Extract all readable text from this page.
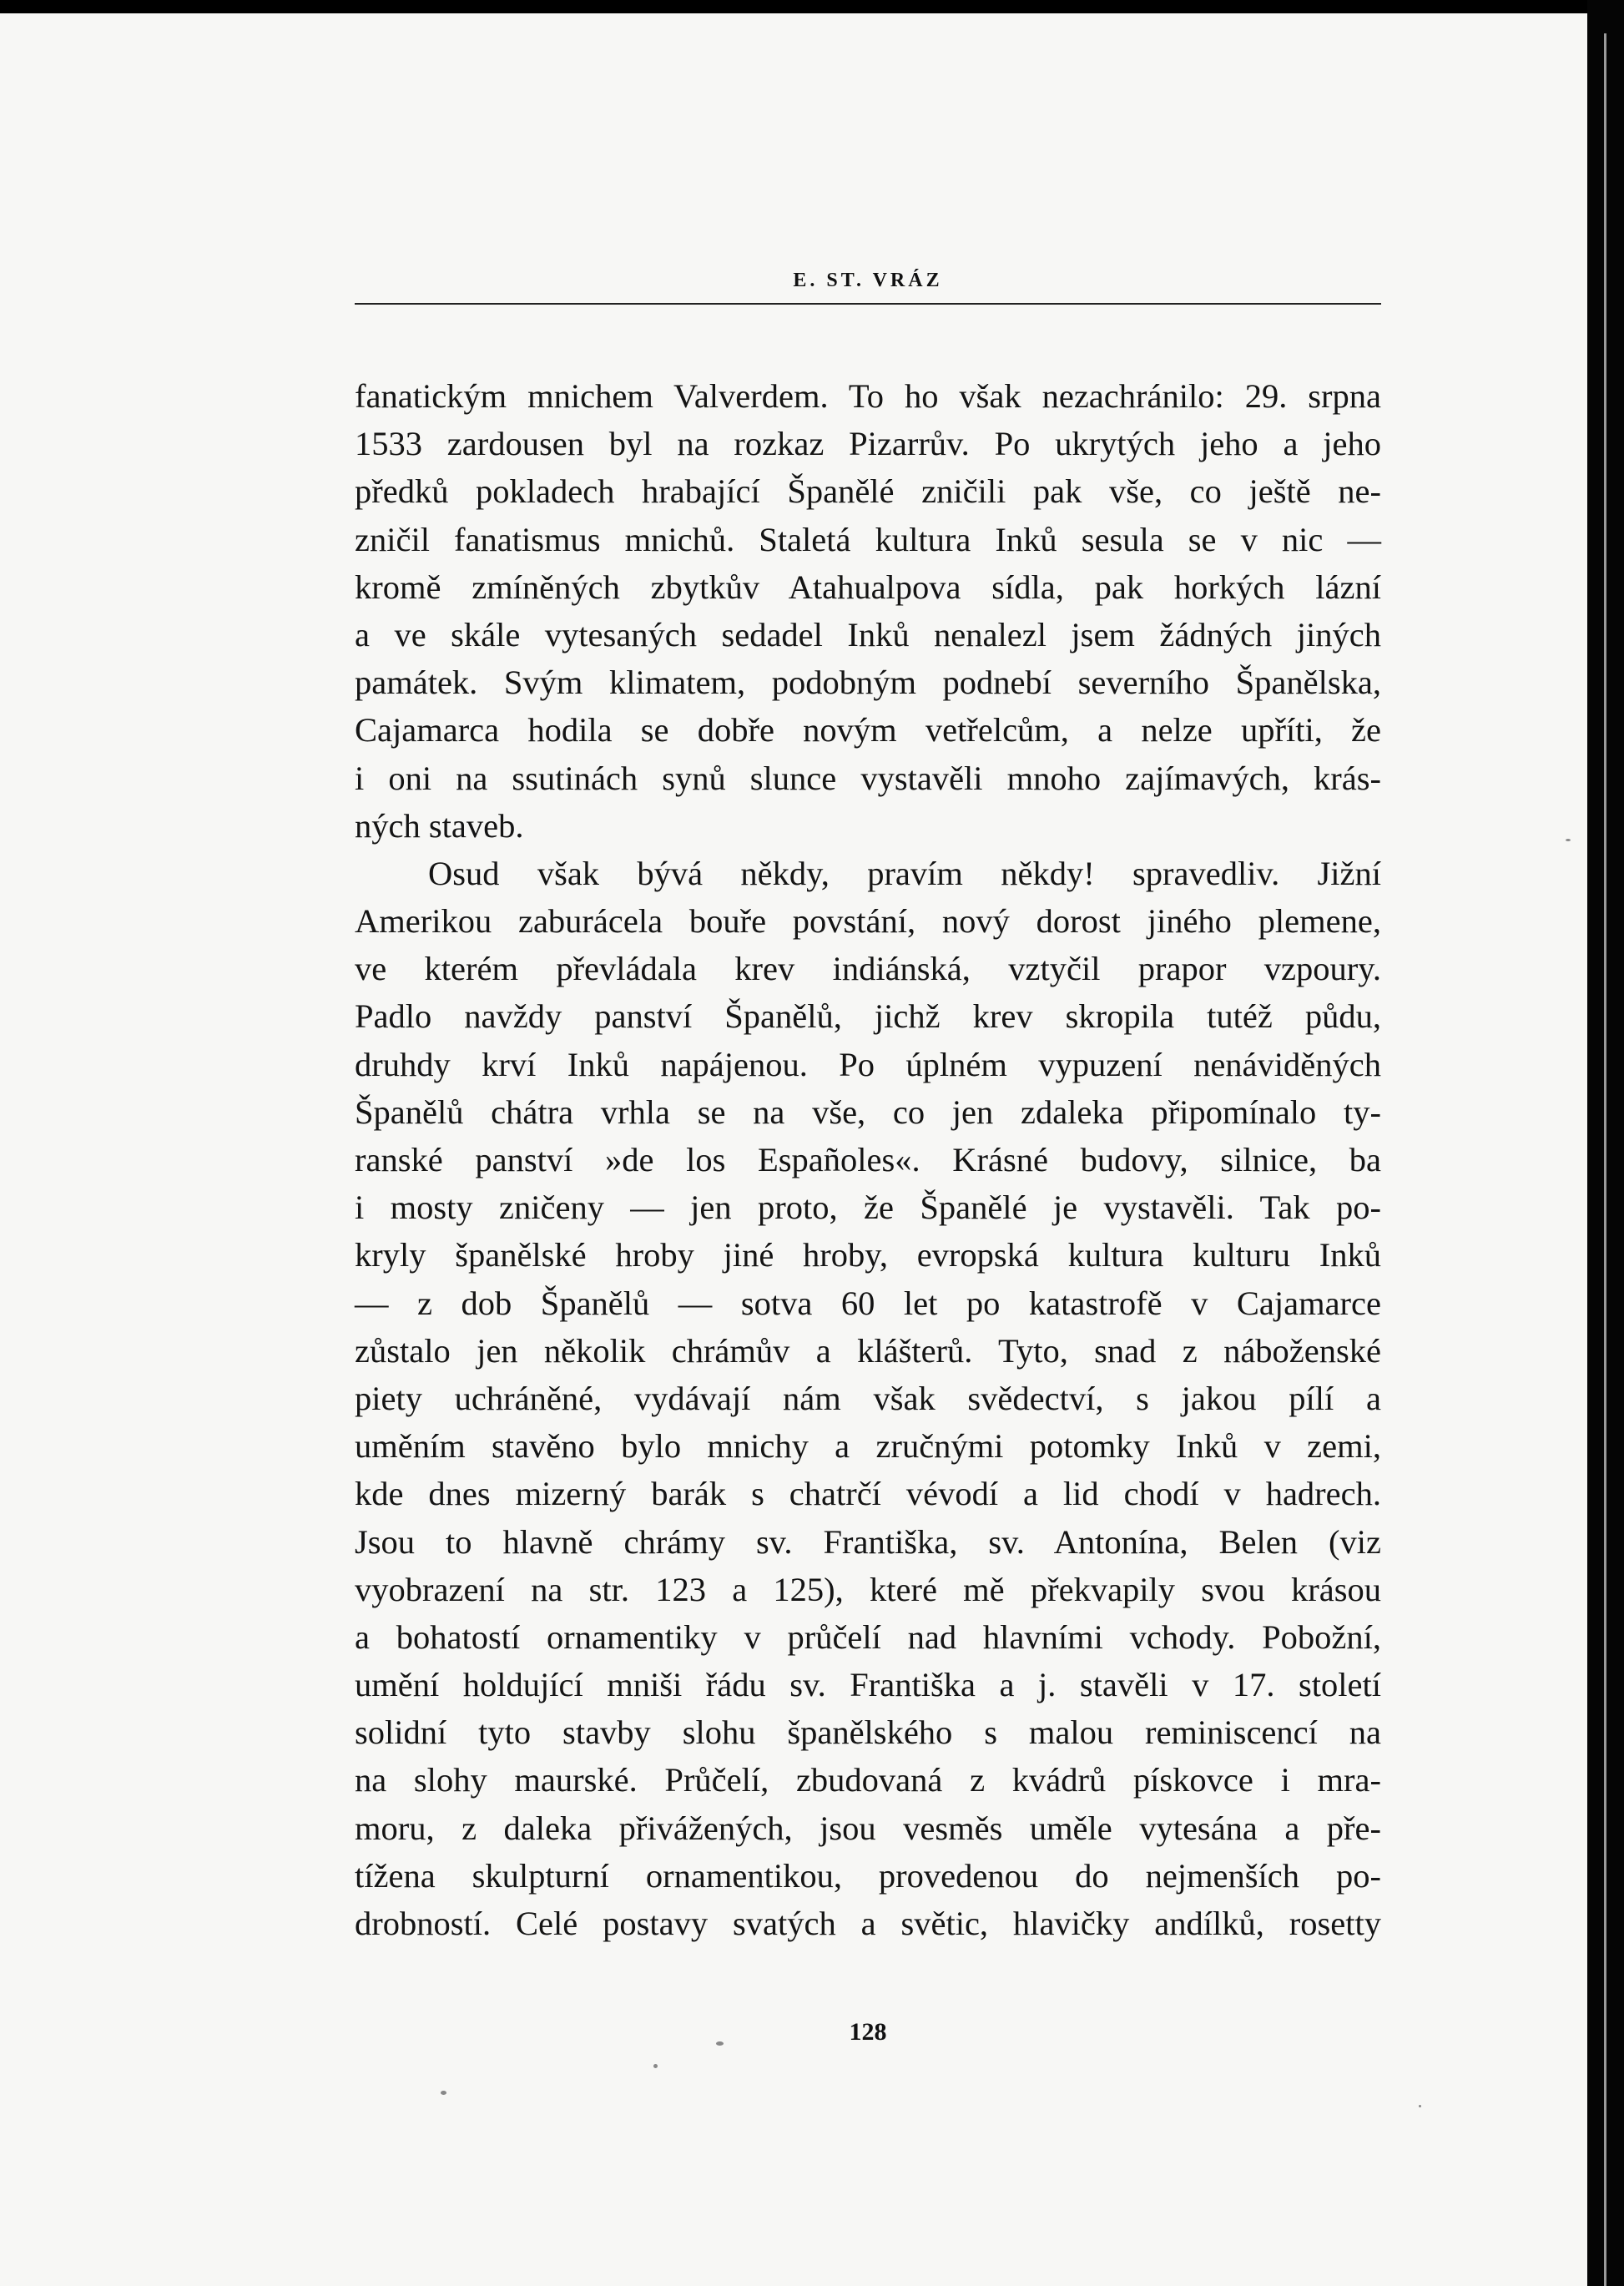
E. ST. VRÁZ
fanatickým mnichem Valverdem. To ho však nezachránilo: 29. srpna
1533 zardousen byl na rozkaz Pizarrův. Po ukrytých jeho a jeho
předků pokladech hrabající Španělé zničili pak vše, co ještě ne-
zničil fanatismus mnichů. Staletá kultura Inků sesula se v nic —
kromě zmíněných zbytkův Atahualpova sídla, pak horkých lázní
a ve skále vytesaných sedadel Inků nenalezl jsem žádných jiných
památek. Svým klimatem, podobným podnebí severního Španělska,
Cajamarca hodila se dobře novým vetřelcům, a nelze upříti, že
i oni na ssutinách synů slunce vystavěli mnoho zajímavých, krás-
ných staveb.
Osud však bývá někdy, pravím někdy! spravedliv. Jižní
Amerikou zaburácela bouře povstání, nový dorost jiného plemene,
ve kterém převládala krev indiánská, vztyčil prapor vzpoury.
Padlo navždy panství Španělů, jichž krev skropila tutéž půdu,
druhdy krví Inků napájenou. Po úplném vypuzení nenáviděných
Španělů chátra vrhla se na vše, co jen zdaleka připomínalo ty-
ranské panství »de los Españoles«. Krásné budovy, silnice, ba
i mosty zničeny — jen proto, že Španělé je vystavěli. Tak po-
kryly španělské hroby jiné hroby, evropská kultura kulturu Inků
— z dob Španělů — sotva 60 let po katastrofě v Cajamarce
zůstalo jen několik chrámův a klášterů. Tyto, snad z náboženské
piety uchráněné, vydávají nám však svědectví, s jakou pílí a
uměním stavěno bylo mnichy a zručnými potomky Inků v zemi,
kde dnes mizerný barák s chatrčí vévodí a lid chodí v hadrech.
Jsou to hlavně chrámy sv. Františka, sv. Antonína, Belen (viz
vyobrazení na str. 123 a 125), které mě překvapily svou krásou
a bohatostí ornamentiky v průčelí nad hlavními vchody. Pobožní,
umění holdující mniši řádu sv. Františka a j. stavěli v 17. století
solidní tyto stavby slohu španělského s malou reminiscencí na
na slohy maurské. Průčelí, zbudovaná z kvádrů pískovce i mra-
moru, z daleka přivážených, jsou vesměs uměle vytesána a pře-
tížena skulpturní ornamentikou, provedenou do nejmenších po-
drobností. Celé postavy svatých a světic, hlavičky andílků, rosetty
128
